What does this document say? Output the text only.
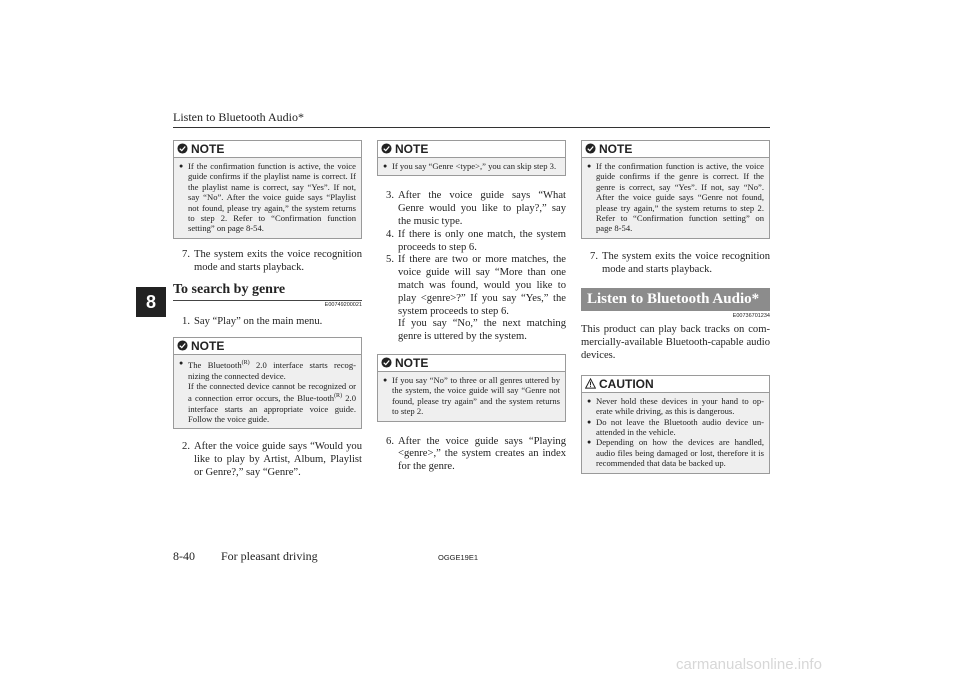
Listen to Bluetooth Audio*
8
NOTE
● If the confirmation function is active, the voice guide confirms if the playlist name is correct. If the playlist name is correct, say “Yes”. If not, say “No”. After the voice guide says “Playlist not found, please try again,” the system returns to step 2. Refer to “Confirmation function setting” on page 8-54.
7. The system exits the voice recognition mode and starts playback.
To search by genre
E00749200021
1. Say “Play” on the main menu.
NOTE
● The Bluetooth$^{(R)}$ 2.0 interface starts recog-nizing the connected device.
If the connected device cannot be recognized or a connection error occurs, the Blue-tooth$^{(R)}$ 2.0 interface starts an appropriate voice guide. Follow the voice guide.
2. After the voice guide says “Would you like to play by Artist, Album, Playlist or Genre?,” say “Genre”.
NOTE
● If you say “Genre <type>,” you can skip step 3.
3. After the voice guide says “What Genre would you like to play?,” say the music type.
4. If there is only one match, the system proceeds to step 6.
5. If there are two or more matches, the voice guide will say “More than one match was found, would you like to play <genre>?” If you say “Yes,” the system proceeds to step 6.
If you say “No,” the next matching genre is uttered by the system.
NOTE
● If you say “No” to three or all genres uttered by the system, the voice guide will say “Genre not found, please try again” and the system returns to step 2.
6. After the voice guide says “Playing <genre>,” the system creates an index for the genre.
NOTE
● If the confirmation function is active, the voice guide confirms if the genre is correct. If the genre is correct, say “Yes”. If not, say “No”. After the voice guide says “Genre not found, please try again,” the system returns to step 2. Refer to “Confirmation function setting” on page 8-54.
7. The system exits the voice recognition mode and starts playback.
Listen to Bluetooth Audio*
E00736701234
This product can play back tracks on com-mercially-available Bluetooth-capable audio devices.
CAUTION
● Never hold these devices in your hand to op-erate while driving, as this is dangerous.
● Do not leave the Bluetooth audio device un-attended in the vehicle.
● Depending on how the devices are handled, audio files being damaged or lost, therefore it is recommended that data be backed up.
8-40 For pleasant driving	OGGE19E1
carmanualsonline.info
